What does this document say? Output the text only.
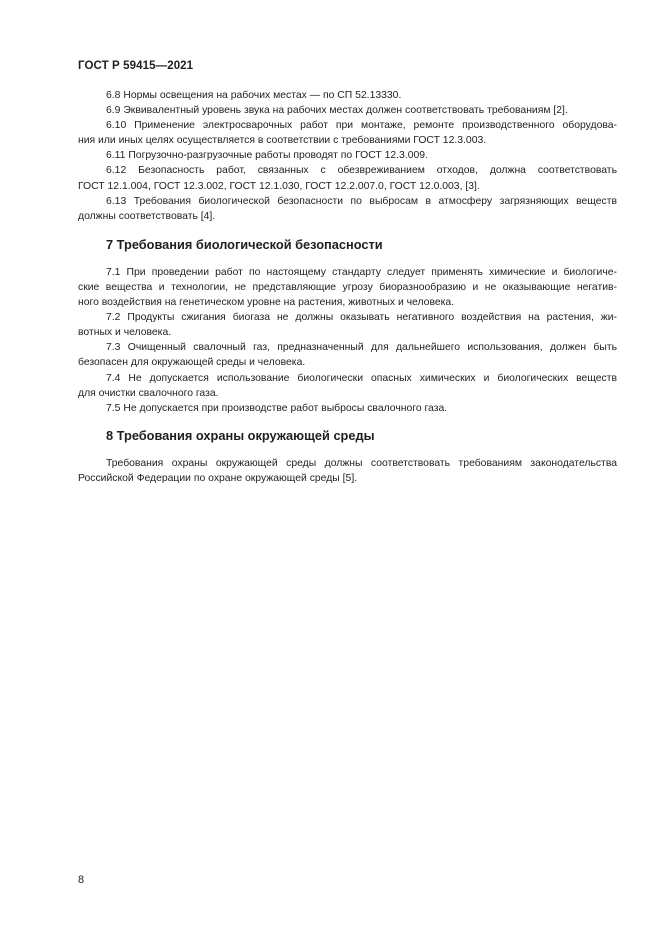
ГОСТ Р 59415—2021
6.8 Нормы освещения на рабочих местах — по СП 52.13330.
6.9 Эквивалентный уровень звука на рабочих местах должен соответствовать требованиям [2].
6.10 Применение электросварочных работ при монтаже, ремонте производственного оборудова-
ния или иных целях осуществляется в соответствии с требованиями ГОСТ 12.3.003.
6.11 Погрузочно-разгрузочные работы проводят по ГОСТ 12.3.009.
6.12 Безопасность работ, связанных с обезвреживанием отходов, должна соответствовать
ГОСТ 12.1.004, ГОСТ 12.3.002, ГОСТ 12.1.030, ГОСТ 12.2.007.0, ГОСТ 12.0.003, [3].
6.13 Требования биологической безопасности по выбросам в атмосферу загрязняющих веществ
должны соответствовать [4].
7 Требования биологической безопасности
7.1 При проведении работ по настоящему стандарту следует применять химические и биологиче-
ские вещества и технологии, не представляющие угрозу биоразнообразию и не оказывающие негатив-
ного воздействия на генетическом уровне на растения, животных и человека.
7.2 Продукты сжигания биогаза не должны оказывать негативного воздействия на растения, жи-
вотных и человека.
7.3 Очищенный свалочный газ, предназначенный для дальнейшего использования, должен быть
безопасен для окружающей среды и человека.
7.4 Не допускается использование биологически опасных химических и биологических веществ
для очистки свалочного газа.
7.5 Не допускается при производстве работ выбросы свалочного газа.
8 Требования охраны окружающей среды
Требования охраны окружающей среды должны соответствовать требованиям законодательства
Российской Федерации по охране окружающей среды [5].
8
